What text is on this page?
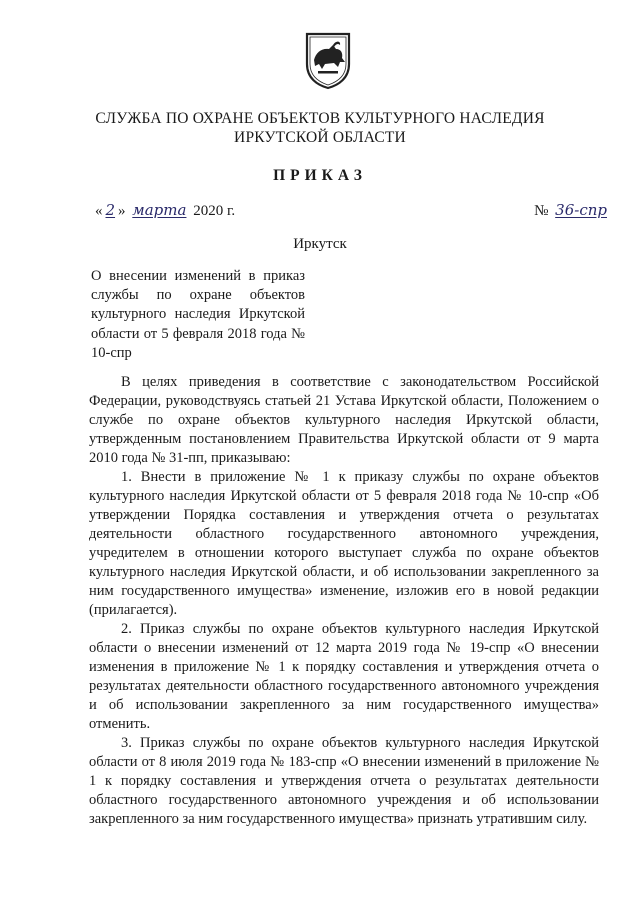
СЛУЖБА ПО ОХРАНЕ ОБЪЕКТОВ КУЛЬТУРНОГО НАСЛЕДИЯ
ИРКУТСКОЙ ОБЛАСТИ
ПРИКАЗ
« 2 » марта 2020 г.	№ 36-спр
Иркутск
О внесении изменений в приказ службы по охране объектов культурного наследия Иркутской области от 5 февраля 2018 года № 10-спр

В целях приведения в соответствие с законодательством Российской Федерации, руководствуясь статьей 21 Устава Иркутской области, Положением о службе по охране объектов культурного наследия Иркутской области, утвержденным постановлением Правительства Иркутской области от 9 марта 2010 года № 31-пп, приказываю:

1. Внести в приложение № 1 к приказу службы по охране объектов культурного наследия Иркутской области от 5 февраля 2018 года № 10-спр «Об утверждении Порядка составления и утверждения отчета о результатах деятельности областного государственного автономного учреждения, учредителем в отношении которого выступает служба по охране объектов культурного наследия Иркутской области, и об использовании закрепленного за ним государственного имущества» изменение, изложив его в новой редакции (прилагается).

2. Приказ службы по охране объектов культурного наследия Иркутской области о внесении изменений от 12 марта 2019 года № 19-спр «О внесении изменения в приложение № 1 к порядку составления и утверждения отчета о результатах деятельности областного государственного автономного учреждения и об использовании закрепленного за ним государственного имущества» отменить.

3. Приказ службы по охране объектов культурного наследия Иркутской области от 8 июля 2019 года № 183-спр «О внесении изменений в приложение № 1 к порядку составления и утверждения отчета о результатах деятельности областного государственного автономного учреждения и об использовании закрепленного за ним государственного имущества» признать утратившим силу.
